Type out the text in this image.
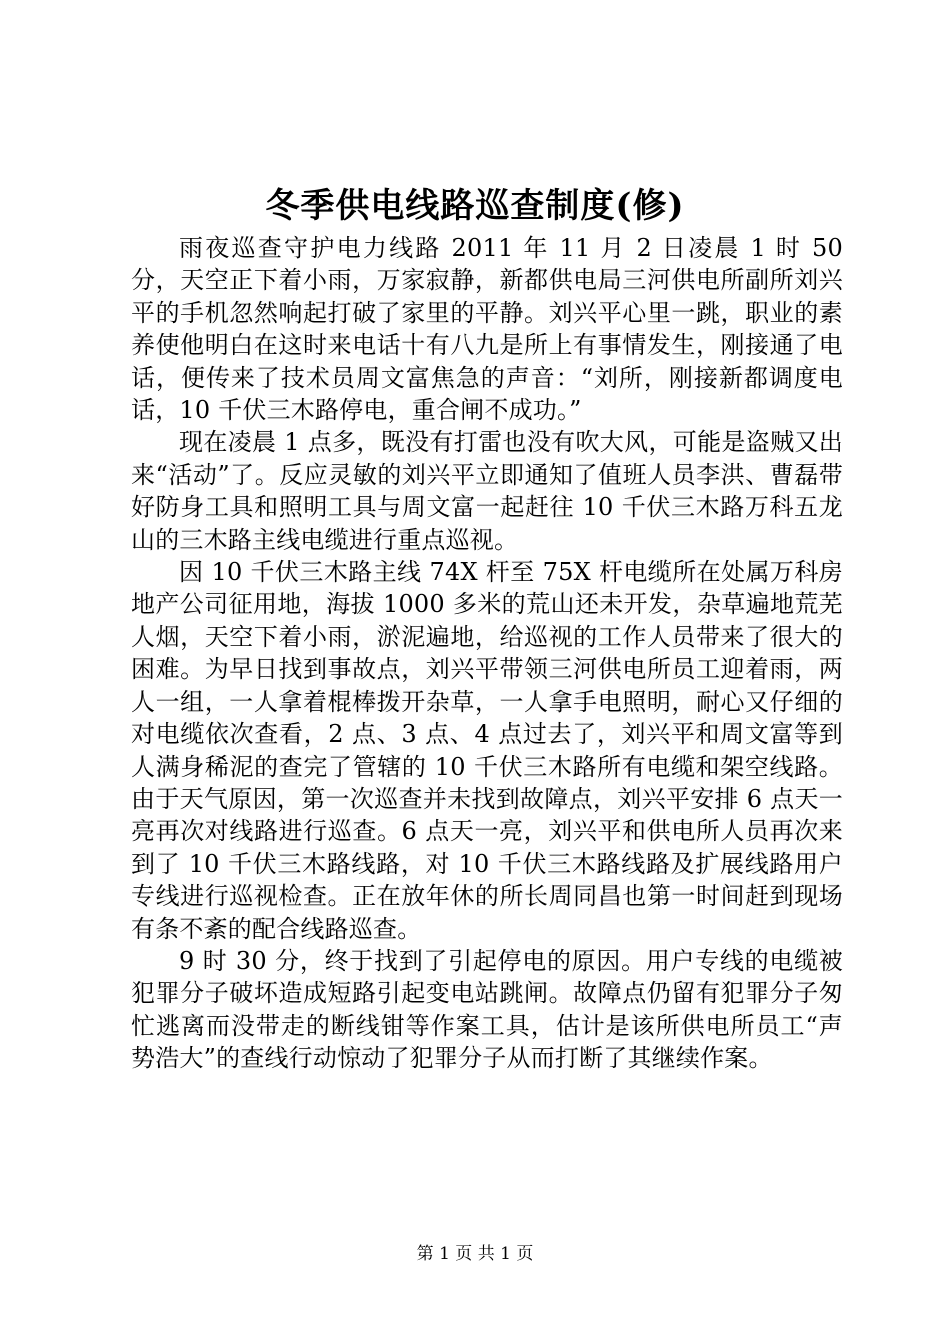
冬季供电线路巡查制度(修)

雨夜巡查守护电力线路 2011 年 11 月 2 日凌晨 1 时 50 分，天空正下着小雨，万家寂静，新都供电局三河供电所副所刘兴平的手机忽然响起打破了家里的平静。刘兴平心里一跳，职业的素养使他明白在这时来电话十有八九是所上有事情发生，刚接通了电话，便传来了技术员周文富焦急的声音：“刘所，刚接新都调度电话，10 千伏三木路停电，重合闸不成功。”

现在凌晨 1 点多，既没有打雷也没有吹大风，可能是盗贼又出来“活动”了。反应灵敏的刘兴平立即通知了值班人员李洪、曹磊带好防身工具和照明工具与周文富一起赶往 10 千伏三木路万科五龙山的三木路主线电缆进行重点巡视。

因 10 千伏三木路主线 74X 杆至 75X 杆电缆所在处属万科房地产公司征用地，海拔 1000 多米的荒山还未开发，杂草遍地荒芜人烟，天空下着小雨，淤泥遍地，给巡视的工作人员带来了很大的困难。为早日找到事故点，刘兴平带领三河供电所员工迎着雨，两人一组，一人拿着棍棒拨开杂草，一人拿手电照明，耐心又仔细的对电缆依次查看，2 点、3 点、4 点过去了，刘兴平和周文富等到人满身稀泥的查完了管辖的 10 千伏三木路所有电缆和架空线路。由于天气原因，第一次巡查并未找到故障点，刘兴平安排 6 点天一亮再次对线路进行巡查。6 点天一亮，刘兴平和供电所人员再次来到了 10 千伏三木路线路，对 10 千伏三木路线路及扩展线路用户专线进行巡视检查。正在放年休的所长周同昌也第一时间赶到现场有条不紊的配合线路巡查。

9 时 30 分，终于找到了引起停电的原因。用户专线的电缆被犯罪分子破坏造成短路引起变电站跳闸。故障点仍留有犯罪分子匆忙逃离而没带走的断线钳等作案工具，估计是该所供电所员工“声势浩大”的查线行动惊动了犯罪分子从而打断了其继续作案。

第 1 页 共 1 页
